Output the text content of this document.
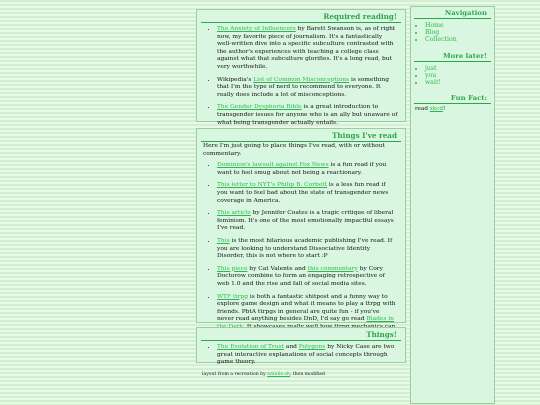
Required reading!
• The Anxiety of Influencers by Barett Swanson is, as of right now, my favorite piece of journalism. It's a fantastically well-written dive into a specific subculture contrasted with the author's experiences with teaching a college class against what that subculture glorifies. It's a long read, but very worthwhile.
• Wikipedia's List of Common Misconceptions is something that I'm the type of nerd to recommend to everyone. It really does include a lot of misconceptions.
• The Gender Dysphoria Bible is a great introduction to transgender issues for anyone who is an ally but unaware of what being transgender actually entails.
Things I've read
Here I'm just going to place things I've read, with or without commentary.
• Dominion's lawsuit against Fox News is a fun read if you want to feel smug about not being a reactionary.
• This letter to NYT's Philip B. Corbett is a less fun read if you want to feel bad about the state of transgender news coverage in America.
• This article by Jennifer Coates is a tragic critique of liberal feminism. It's one of the most emotionally impactful essays I've read.
• This is the most hilarious academic publishing I've read. If you are looking to understand Dissociative Identity Disorder, this is not where to start :P
• This piece by Cat Valente and this commentary by Cory Doctorow combine to form an engaging retrospective of web 1.0 and the rise and fall of social media sites.
• WTF ttrpg is both a fantastic shitpost and a funny way to explore game design and what it means to play a ttrpg with friends. PbtA ttrpgs in general are quite fun - if you've never read anything besides DnD, I'd say go read Blades in
Things!
• The Evolution of Trust and Polygons by Nicky Case are two great interactive explanations of social concepts through game theory.
layout from a recreation by natalie.sh, then modified
Navigation
• Home
• Blog
• Collection
More later!
• just
• you
• wait!
Fun Fact:
read xkcd!
